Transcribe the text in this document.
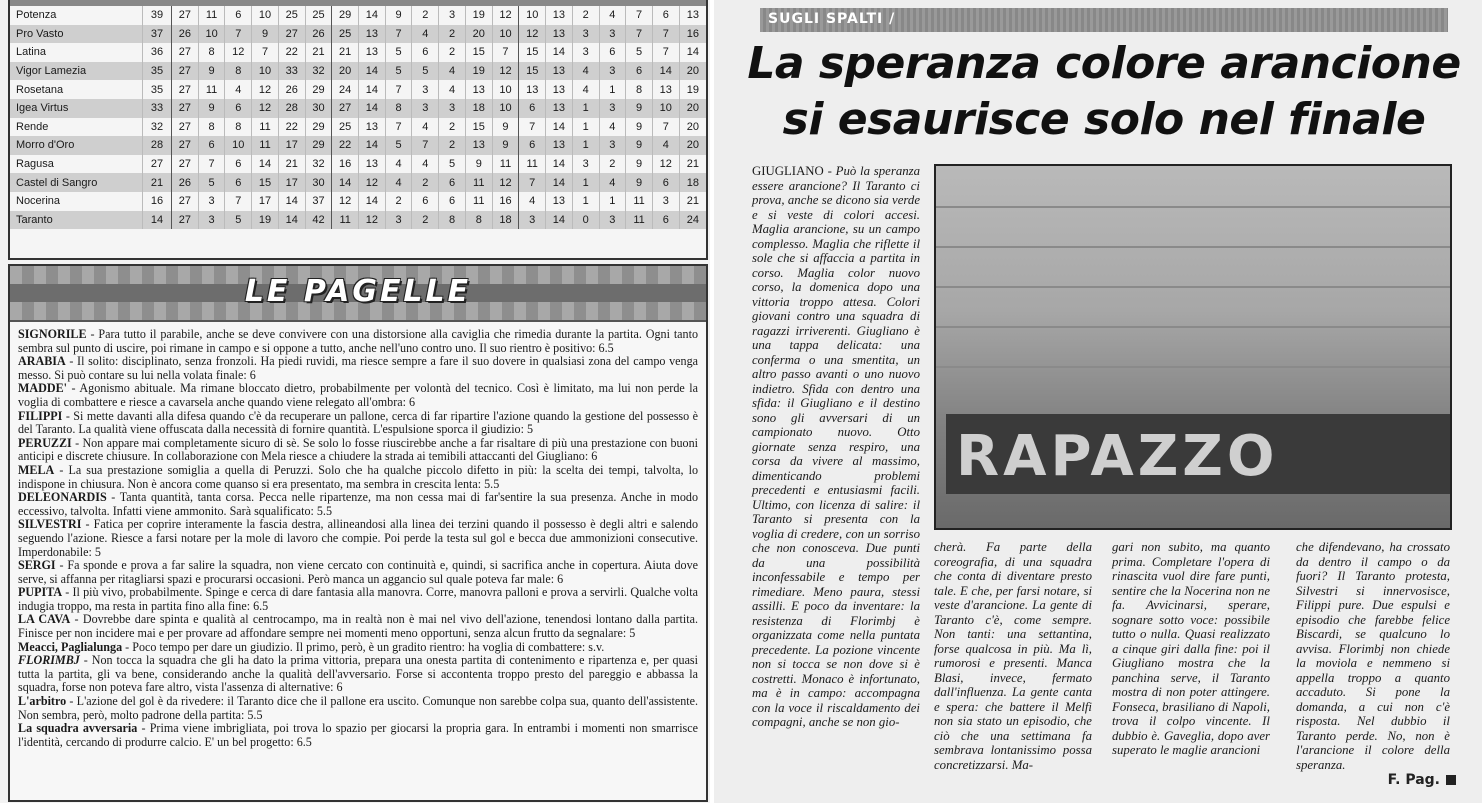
Potenza	39	27	11	6	10	25	25	29	14	9	2	3	19	12	10	13	2	4	7	6	13
Pro Vasto	37	26	10	7	9	27	26	25	13	7	4	2	20	10	12	13	3	3	7	7	16
Latina	36	27	8	12	7	22	21	21	13	5	6	2	15	7	15	14	3	6	5	7	14
Vigor Lamezia	35	27	9	8	10	33	32	20	14	5	5	4	19	12	15	13	4	3	6	14	20
Rosetana	35	27	11	4	12	26	29	24	14	7	3	4	13	10	13	13	4	1	8	13	19
Igea Virtus	33	27	9	6	12	28	30	27	14	8	3	3	18	10	6	13	1	3	9	10	20
Rende	32	27	8	8	11	22	29	25	13	7	4	2	15	9	7	14	1	4	9	7	20
Morro d'Oro	28	27	6	10	11	17	29	22	14	5	7	2	13	9	6	13	1	3	9	4	20
Ragusa	27	27	7	6	14	21	32	16	13	4	4	5	9	11	11	14	3	2	9	12	21
Castel di Sangro	21	26	5	6	15	17	30	14	12	4	2	6	11	12	7	14	1	4	9	6	18
Nocerina	16	27	3	7	17	14	37	12	14	2	6	6	11	16	4	13	1	1	11	3	21
Taranto	14	27	3	5	19	14	42	11	12	3	2	8	8	18	3	14	0	3	11	6	24
LE PAGELLE

SIGNORILE - Para tutto il parabile, anche se deve convivere con una distorsione alla caviglia che rimedia durante la partita. Ogni tanto sembra sul punto di uscire, poi rimane in campo e si oppone a tutto, anche nell'uno contro uno. Il suo rientro è positivo: 6.5

ARABIA - Il solito: disciplinato, senza fronzoli. Ha piedi ruvidi, ma riesce sempre a fare il suo dovere in qualsiasi zona del campo venga messo. Si può contare su lui nella volata finale: 6

MADDE' - Agonismo abituale. Ma rimane bloccato dietro, probabilmente per volontà del tecnico. Così è limitato, ma lui non perde la voglia di combattere e riesce a cavarsela anche quando viene relegato all'ombra: 6

FILIPPI - Si mette davanti alla difesa quando c'è da recuperare un pallone, cerca di far ripartire l'azione quando la gestione del possesso è del Taranto. La qualità viene offuscata dalla necessità di fornire quantità. L'espulsione sporca il giudizio: 5

PERUZZI - Non appare mai completamente sicuro di sè. Se solo lo fosse riuscirebbe anche a far risaltare di più una prestazione con buoni anticipi e discrete chiusure. In collaborazione con Mela riesce a chiudere la strada ai temibili attaccanti del Giugliano: 6

MELA - La sua prestazione somiglia a quella di Peruzzi. Solo che ha qualche piccolo difetto in più: la scelta dei tempi, talvolta, lo indispone in chiusura. Non è ancora come quanso si era presentato, ma sembra in crescita lenta: 5.5

DELEONARDIS - Tanta quantità, tanta corsa. Pecca nelle ripartenze, ma non cessa mai di far'sentire la sua presenza. Anche in modo eccessivo, talvolta. Infatti viene ammonito. Sarà squalificato: 5.5

SILVESTRI - Fatica per coprire interamente la fascia destra, allineandosi alla linea dei terzini quando il possesso è degli altri e salendo seguendo l'azione. Riesce a farsi notare per la mole di lavoro che compie. Poi perde la testa sul gol e becca due ammonizioni consecutive. Imperdonabile: 5

SERGI - Fa sponde e prova a far salire la squadra, non viene cercato con continuità e, quindi, si sacrifica anche in copertura. Aiuta dove serve, si affanna per ritagliarsi spazi e procurarsi occasioni. Però manca un aggancio sul quale poteva far male: 6

PUPITA - Il più vivo, probabilmente. Spinge e cerca di dare fantasia alla manovra. Corre, manovra palloni e prova a servirli. Qualche volta indugia troppo, ma resta in partita fino alla fine: 6.5

LA CAVA - Dovrebbe dare spinta e qualità al centrocampo, ma in realtà non è mai nel vivo dell'azione, tenendosi lontano dalla partita. Finisce per non incidere mai e per provare ad affondare sempre nei momenti meno opportuni, senza alcun frutto da segnalare: 5

Meacci, Paglialunga - Poco tempo per dare un giudizio. Il primo, però, è un gradito rientro: ha voglia di combattere: s.v.

FLORIMBJ - Non tocca la squadra che gli ha dato la prima vittoria, prepara una onesta partita di contenimento e ripartenza e, per quasi tutta la partita, gli va bene, considerando anche la qualità dell'avversario. Forse si accontenta troppo presto del pareggio e abbassa la squadra, forse non poteva fare altro, vista l'assenza di alternative: 6

L'arbitro - L'azione del gol è da rivedere: il Taranto dice che il pallone era uscito. Comunque non sarebbe colpa sua, quanto dell'assistente. Non sembra, però, molto padrone della partita: 5.5

La squadra avversaria - Prima viene imbrigliata, poi trova lo spazio per giocarsi la propria gara. In entrambi i momenti non smarrisce l'identità, cercando di produrre calcio. E' un bel progetto: 6.5

SUGLI SPALTI /
La speranza colore arancione
si esaurisce solo nel finale
GIUGLIANO - Può la speranza essere arancione? Il Taranto ci prova, anche se dicono sia verde e si veste di colori accesi. Maglia arancione, su un campo complesso. Maglia che riflette il sole che si affaccia a partita in corso. Maglia color nuovo corso, la domenica dopo una vittoria troppo attesa. Colori giovani contro una squadra di ragazzi irriverenti. Giugliano è una tappa delicata: una conferma o una smentita, un altro passo avanti o uno nuovo indietro. Sfida con dentro una sfida: il Giugliano e il destino sono gli avversari di un campionato nuovo. Otto giornate senza respiro, una corsa da vivere al massimo, dimenticando problemi precedenti e entusiasmi facili. Ultimo, con licenza di salire: il Taranto si presenta con la voglia di credere, con un sorriso che non conosceva. Due punti da una possibilità inconfessabile e tempo per rimediare. Meno paura, stessi assilli. E poco da inventare: la resistenza di Florimbj è organizzata come nella puntata precedente. La pozione vincente non si tocca se non dove si è costretti. Monaco è infortunato, ma è in campo: accompagna con la voce il riscaldamento dei compagni, anche se non gio-
RAPAZZO
cherà. Fa parte della coreografia, di una squadra che conta di diventare presto tale. E che, per farsi notare, si veste d'arancione. La gente di Taranto c'è, come sempre. Non tanti: una settantina, forse qualcosa in più. Ma lì, rumorosi e presenti. Manca Blasi, invece, fermato dall'influenza. La gente canta e spera: che battere il Melfi non sia stato un episodio, che ciò che una settimana fa sembrava lontanissimo possa concretizzarsi. Ma-
gari non subito, ma quanto prima. Completare l'opera di rinascita vuol dire fare punti, sentire che la Nocerina non ne fa. Avvicinarsi, sperare, sognare sotto voce: possibile tutto o nulla. Quasi realizzato a cinque giri dalla fine: poi il Giugliano mostra che la panchina serve, il Taranto mostra di non poter attingere. Fonseca, brasiliano di Napoli, trova il colpo vincente. Il dubbio è. Gaveglia, dopo aver superato le maglie arancioni
che difendevano, ha crossato da dentro il campo o da fuori? Il Taranto protesta, Silvestri si innervosisce, Filippi pure. Due espulsi e episodio che farebbe felice Biscardi, se qualcuno lo avvisa. Florimbj non chiede la moviola e nemmeno si appella troppo a quanto accaduto. Si pone la domanda, a cui non c'è risposta. Nel dubbio il Taranto perde. No, non è l'arancione il colore della speranza.
F. Pag.
